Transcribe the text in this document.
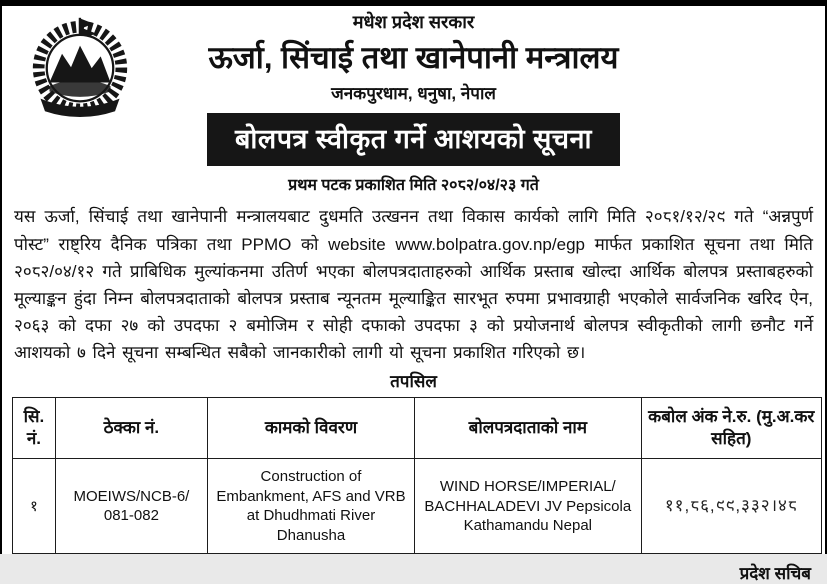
मधेश प्रदेश सरकार
ऊर्जा, सिंचाई तथा खानेपानी मन्त्रालय
जनकपुरधाम, धनुषा, नेपाल
बोलपत्र स्वीकृत गर्ने आशयको सूचना
प्रथम पटक प्रकाशित मिति २०८२/०४/२३ गते

यस ऊर्जा, सिंचाई तथा खानेपानी मन्त्रालयबाट दुधमति उत्खनन तथा विकास कार्यको लागि मिति २०८१/१२/२९ गते “अन्नपुर्ण पोस्ट” राष्ट्रिय दैनिक पत्रिका तथा PPMO को website www.bolpatra.gov.np/egp मार्फत प्रकाशित सूचना तथा मिति २०८२/०४/१२ गते प्राबिधिक मुल्यांकनमा उतिर्ण भएका बोलपत्रदाताहरुको आर्थिक प्रस्ताब खोल्दा आर्थिक बोलपत्र प्रस्ताबहरुको मूल्याङ्कन हुंदा निम्न बोलपत्रदाताको बोलपत्र प्रस्ताब न्यूनतम मूल्याङ्कित सारभूत रुपमा प्रभावग्राही भएकोले सार्वजनिक खरिद ऐन, २०६३ को दफा २७ को उपदफा २ बमोजिम र सोही दफाको उपदफा ३ को प्रयोजनार्थ बोलपत्र स्वीकृतीको लागी छनौट गर्ने आशयको ७ दिने सूचना सम्बन्धित सबैको जानकारीको लागी यो सूचना प्रकाशित गरिएको छ।

तपसिल
सि. नं.	ठेक्का नं.	कामको विवरण	बोलपत्रदाताको नाम	कबोल अंक ने.रु. (मु.अ.कर सहित)
१	MOEIWS/NCB-6/ 081-082	Construction of Embankment, AFS and VRB at Dhudhmati River Dhanusha	WIND HORSE/IMPERIAL/ BACHHALADEVI JV Pepsicola Kathamandu Nepal	११,८६,९९,३३२।४८
प्रदेश सचिब
